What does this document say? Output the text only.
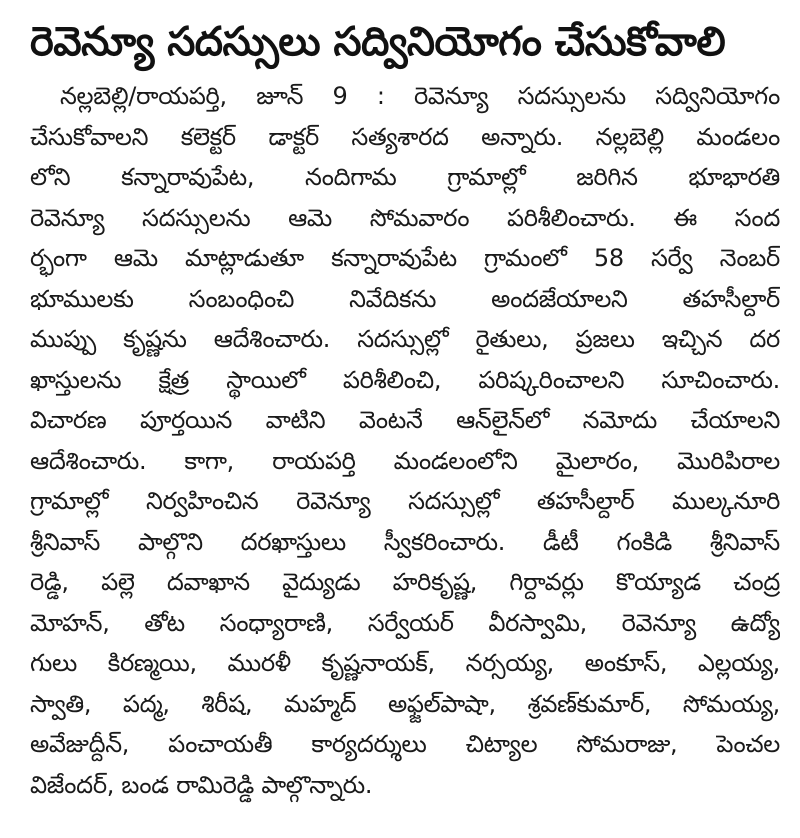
రెవెన్యూ సదస్సులు సద్వినియోగం చేసుకోవాలి
నల్లబెల్లి/రాయపర్తి, జూన్ 9 : రెవెన్యూ సదస్సులను సద్వినియోగం
చేసుకోవాలని కలెక్టర్ డాక్టర్ సత్యశారద అన్నారు. నల్లబెల్లి మండలం
లోని కన్నారావుపేట, నందిగామ గ్రామాల్లో జరిగిన భూభారతి
రెవెన్యూ సదస్సులను ఆమె సోమవారం పరిశీలించారు. ఈ సంద
ర్భంగా ఆమె మాట్లాడుతూ కన్నారావుపేట గ్రామంలో 58 సర్వే నెంబర్
భూములకు సంబంధించి నివేదికను అందజేయాలని తహసీల్దార్
ముప్పు కృష్ణను ఆదేశించారు. సదస్సుల్లో రైతులు, ప్రజలు ఇచ్చిన దర
ఖాస్తులను క్షేత్ర స్థాయిలో పరిశీలించి, పరిష్కరించాలని సూచించారు.
విచారణ పూర్తయిన వాటిని వెంటనే ఆన్‌లైన్‌లో నమోదు చేయాలని
ఆదేశించారు. కాగా, రాయపర్తి మండలంలోని మైలారం, మొరిపిరాల
గ్రామాల్లో నిర్వహించిన రెవెన్యూ సదస్సుల్లో తహసీల్దార్ ముల్కనూరి
శ్రీనివాస్ పాల్గొని దరఖాస్తులు స్వీకరించారు. డీటీ గంకిడి శ్రీనివాస్
రెడ్డి, పల్లె దవాఖాన వైద్యుడు హరికృష్ణ, గిర్దావర్లు కొయ్యాడ చంద్ర
మోహన్, తోట సంధ్యారాణి, సర్వేయర్ వీరస్వామి, రెవెన్యూ ఉద్యో
గులు కిరణ్మయి, మురళీ కృష్ణనాయక్, నర్సయ్య, అంకూస్, ఎల్లయ్య,
స్వాతి, పద్మ, శిరీష, మహ్మద్ అఫ్జల్‌పాషా, శ్రవణ్‌కుమార్, సోమయ్య,
అవేజుద్దీన్, పంచాయతీ కార్యదర్శులు చిట్యాల సోమరాజు, పెంచల
విజేందర్, బండ రామిరెడ్డి పాల్గొన్నారు.
